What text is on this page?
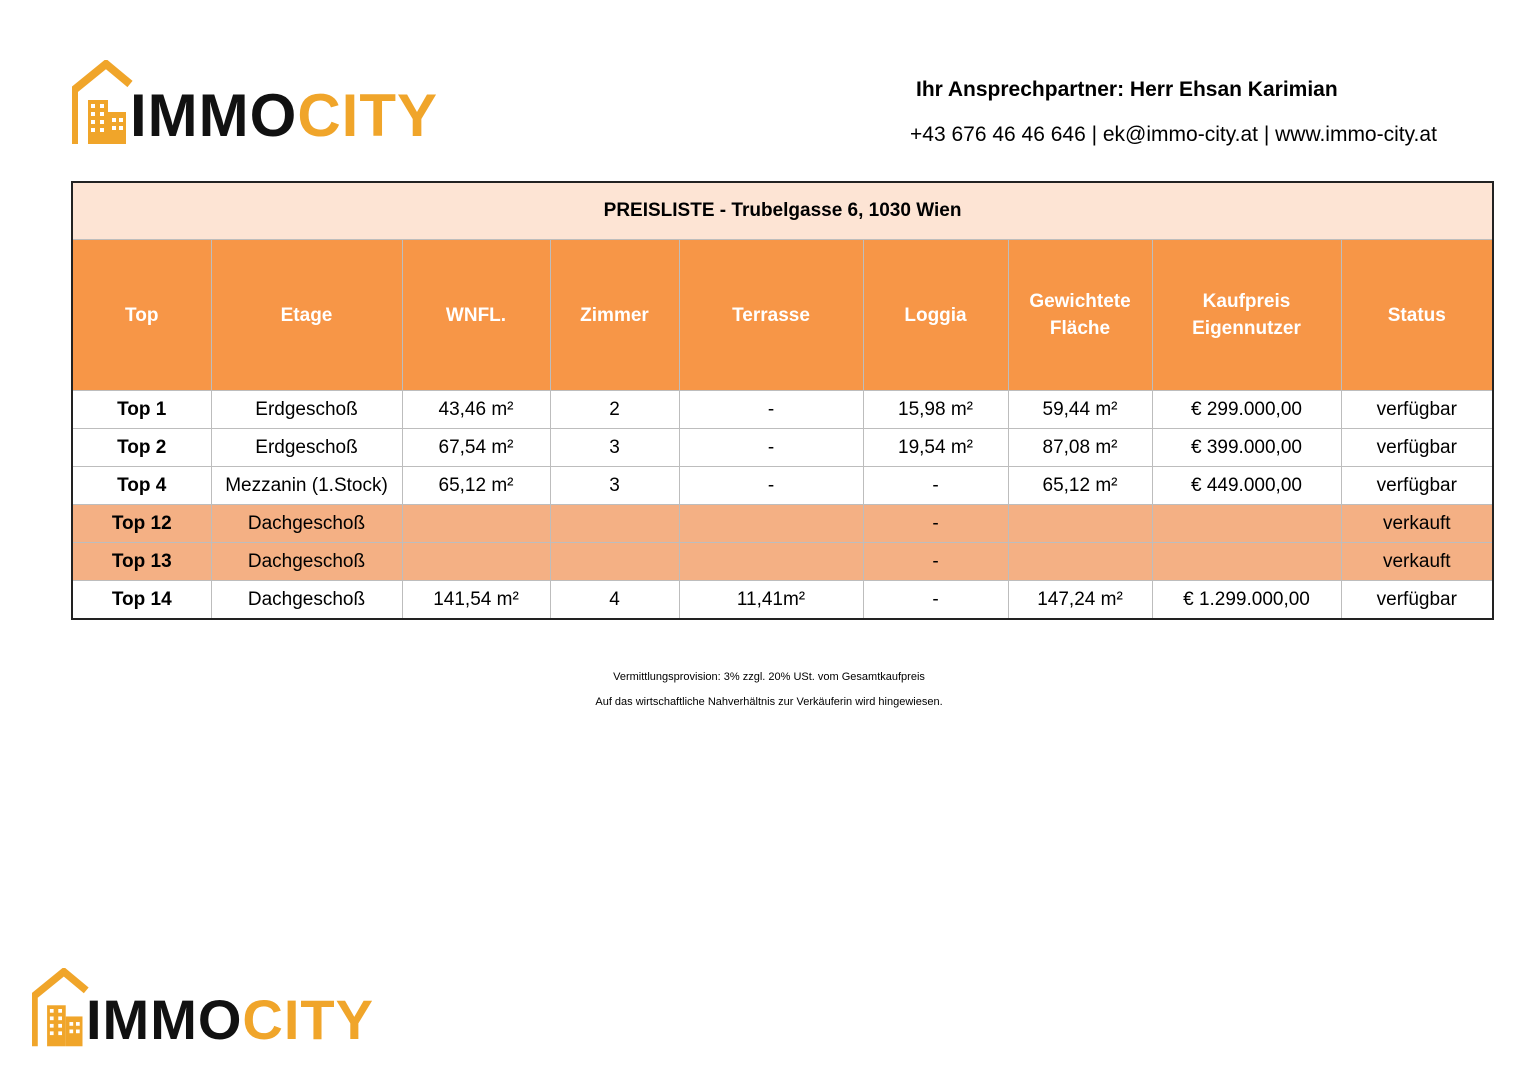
IMMOCITY	Ihr Ansprechpartner: Herr Ehsan Karimian
+43 676 46 46 646 | ek@immo-city.at | www.immo-city.at
PREISLISTE - Trubelgasse 6, 1030 Wien								
Top	Etage	WNFL.	Zimmer	Terrasse	Loggia	Gewichtete Fläche	Kaufpreis Eigennutzer	Status
Top 1	Erdgeschoß	43,46 m²	2	-	15,98 m²	59,44 m²	€ 299.000,00	verfügbar
Top 2	Erdgeschoß	67,54 m²	3	-	19,54 m²	87,08 m²	€ 399.000,00	verfügbar
Top 4	Mezzanin (1.Stock)	65,12 m²	3	-	-	65,12 m²	€ 449.000,00	verfügbar
Top 12	Dachgeschoß				-			verkauft
Top 13	Dachgeschoß				-			verkauft
Top 14	Dachgeschoß	141,54 m²	4	11,41m²	-	147,24 m²	€ 1.299.000,00	verfügbar
Vermittlungsprovision: 3% zzgl. 20% USt. vom Gesamtkaufpreis
Auf das wirtschaftliche Nahverhältnis zur Verkäuferin wird hingewiesen.
IMMOCITY
